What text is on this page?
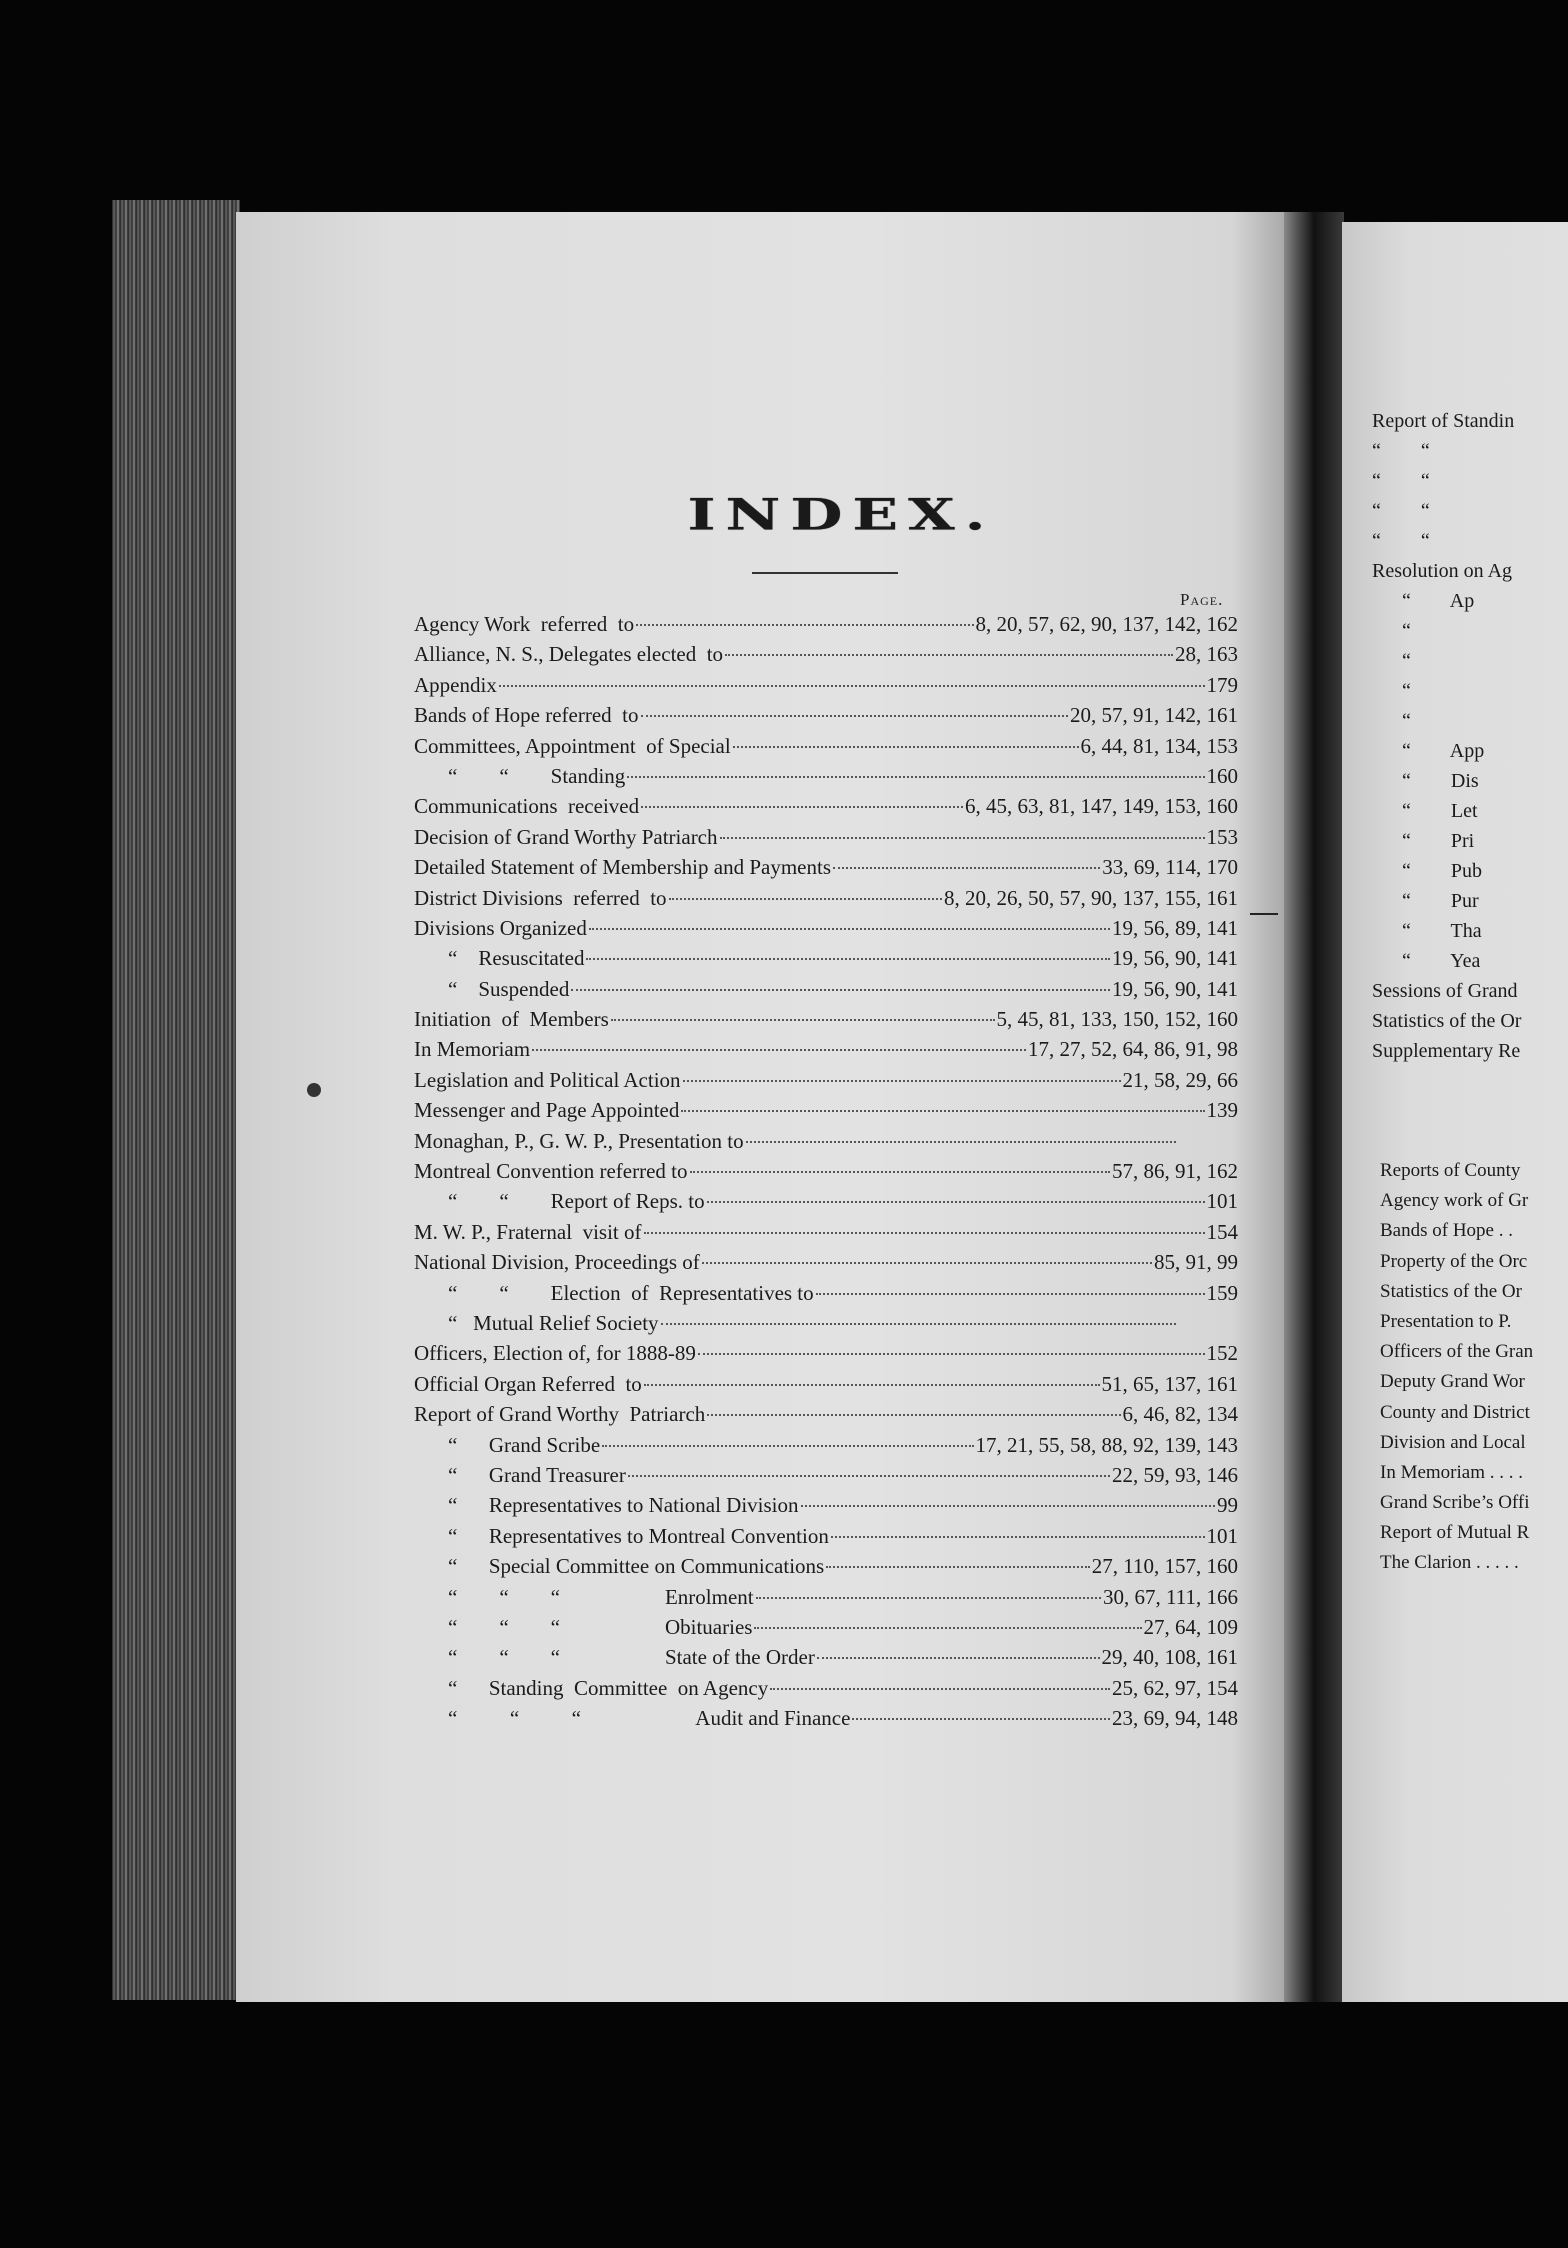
INDEX.
Page.
Agency Work  referred  to	8, 20, 57, 62, 90, 137, 142, 162
Alliance, N. S., Delegates elected  to	28, 163
Appendix	179
Bands of Hope referred  to	20, 57, 91, 142, 161
Committees, Appointment  of Special	6, 44, 81, 134, 153
“        “        Standing	160
Communications  received	6, 45, 63, 81, 147, 149, 153, 160
Decision of Grand Worthy Patriarch	153
Detailed Statement of Membership and Payments	33, 69, 114, 170
District Divisions  referred  to	8, 20, 26, 50, 57, 90, 137, 155, 161
Divisions Organized	19, 56, 89, 141
“    Resuscitated	19, 56, 90, 141
“    Suspended	19, 56, 90, 141
Initiation  of  Members	5, 45, 81, 133, 150, 152, 160
In Memoriam	17, 27, 52, 64, 86, 91, 98
Legislation and Political Action	21, 58, 29, 66
Messenger and Page Appointed	139
Monaghan, P., G. W. P., Presentation to
Montreal Convention referred to	57, 86, 91, 162
“        “        Report of Reps. to	101
M. W. P., Fraternal  visit of	154
National Division, Proceedings of	85, 91, 99
“        “        Election  of  Representatives to	159
“   Mutual Relief Society
Officers, Election of, for 1888-89	152
Official Organ Referred  to	51, 65, 137, 161
Report of Grand Worthy  Patriarch	6, 46, 82, 134
“      Grand Scribe	17, 21, 55, 58, 88, 92, 139, 143
“      Grand Treasurer	22, 59, 93, 146
“      Representatives to National Division	99
“      Representatives to Montreal Convention	101
“      Special Committee on Communications	27, 110, 157, 160
“        “        “                    Enrolment	30, 67, 111, 166
“        “        “                    Obituaries	27, 64, 109
“        “        “                    State of the Order	29, 40, 108, 161
“      Standing  Committee  on Agency	25, 62, 97, 154
“          “          “                      Audit and Finance	23, 69, 94, 148
Report of Standin
“        “
“        “
“        “
“        “
Resolution on Ag
“        Ap
“
“
“
“
“        App
“        Dis
“        Let
“        Pri
“        Pub
“        Pur
“        Tha
“        Yea
Sessions of Grand
Statistics of the Or
Supplementary Re
Reports of County
Agency work of Gr
Bands of Hope . .
Property of the Orc
Statistics of the Or
Presentation to P.
Officers of the Gran
Deputy Grand Wor
County and District
Division and Local
In Memoriam . . . .
Grand Scribe’s Offi
Report of Mutual R
The Clarion . . . . .
